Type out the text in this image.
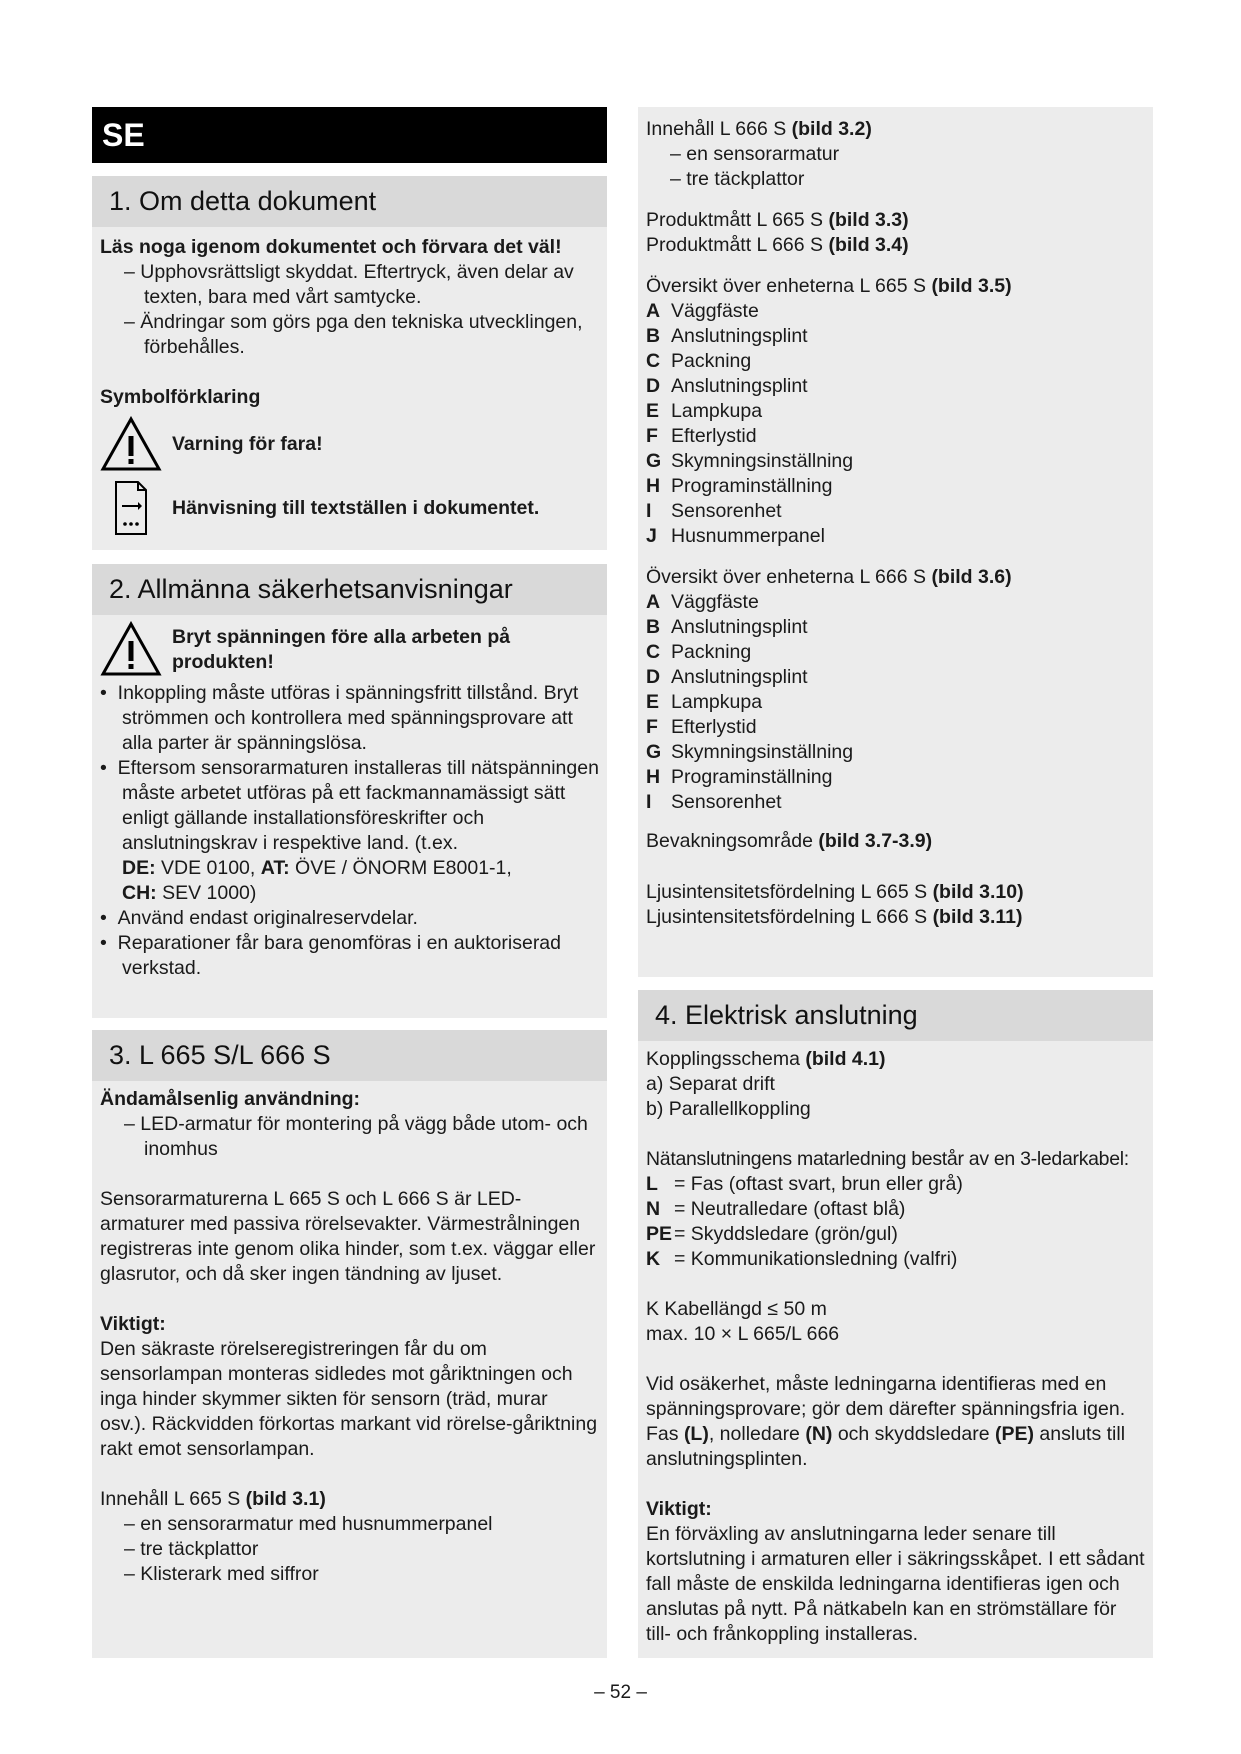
SE
1. Om detta dokument

Läs noga igenom dokumentet och förvara det väl!

– Upphovsrättsligt skyddat. Eftertryck, även delar av texten, bara med vårt samtycke.

– Ändringar som görs pga den tekniska utvecklingen, förbehålles.

Symbolförklaring

Varning för fara!
Hänvisning till textställen i dokumentet.
2. Allmänna säkerhetsanvisningar
Bryt spänningen före alla arbeten på produkten!

•  Inkoppling måste utföras i spänningsfritt tillstånd. Bryt strömmen och kontrollera med spänningsprovare att alla parter är spänningslösa.

•  Eftersom sensorarmaturen installeras till nätspänningen måste arbetet utföras på ett fackmannamässigt sätt enligt gällande installationsföreskrifter och anslutningskrav i respektive land. (t.ex.
DE: VDE 0100, AT: ÖVE / ÖNORM E8001-1,
CH: SEV 1000)

•  Använd endast originalreservdelar.

•  Reparationer får bara genomföras i en auktoriserad verkstad.

3. L 665 S/L 666 S

Ändamålsenlig användning:

– LED-armatur för montering på vägg både utom- och inomhus

Sensorarmaturerna L 665 S och L 666 S är LED-armaturer med passiva rörelsevakter. Värmestrålningen registreras inte genom olika hinder, som t.ex. väggar eller glasrutor, och då sker ingen tändning av ljuset.

Viktigt:

Den säkraste rörelseregistreringen får du om sensorlampan monteras sidledes mot gåriktningen och inga hinder skymmer sikten för sensorn (träd, murar osv.). Räckvidden förkortas markant vid rörelse-gåriktning rakt emot sensorlampan.

Innehåll L 665 S (bild 3.1)

– en sensorarmatur med husnummerpanel

– tre täckplattor

– Klisterark med siffror

Innehåll L 666 S (bild 3.2)

– en sensorarmatur

– tre täckplattor

Produktmått L 665 S (bild 3.3)

Produktmått L 666 S (bild 3.4)

Översikt över enheterna L 665 S (bild 3.5)

A Väggfäste

B Anslutningsplint

C Packning

D Anslutningsplint

E Lampkupa

F Efterlystid

G Skymningsinställning

H Programinställning

I Sensorenhet

J Husnummerpanel

Översikt över enheterna L 666 S (bild 3.6)

A Väggfäste

B Anslutningsplint

C Packning

D Anslutningsplint

E Lampkupa

F Efterlystid

G Skymningsinställning

H Programinställning

I Sensorenhet

Bevakningsområde (bild 3.7-3.9)

Ljusintensitetsfördelning L 665 S (bild 3.10)

Ljusintensitetsfördelning L 666 S (bild 3.11)

4. Elektrisk anslutning

Kopplingsschema (bild 4.1)

a) Separat drift

b) Parallellkoppling

Nätanslutningens matarledning består av en 3-ledarkabel:

L = Fas (oftast svart, brun eller grå)

N = Neutralledare (oftast blå)

PE = Skyddsledare (grön/gul)

K = Kommunikationsledning (valfri)

K Kabellängd ≤ 50 m

max. 10 × L 665/L 666

Vid osäkerhet, måste ledningarna identifieras med en spänningsprovare; gör dem därefter spänningsfria igen. Fas (L), nolledare (N) och skyddsledare (PE) ansluts till anslutningsplinten.

Viktigt:

En förväxling av anslutningarna leder senare till kortslutning i armaturen eller i säkringsskåpet. I ett sådant fall måste de enskilda ledningarna identifieras igen och anslutas på nytt. På nätkabeln kan en strömställare för till- och frånkoppling installeras.

– 52 –
